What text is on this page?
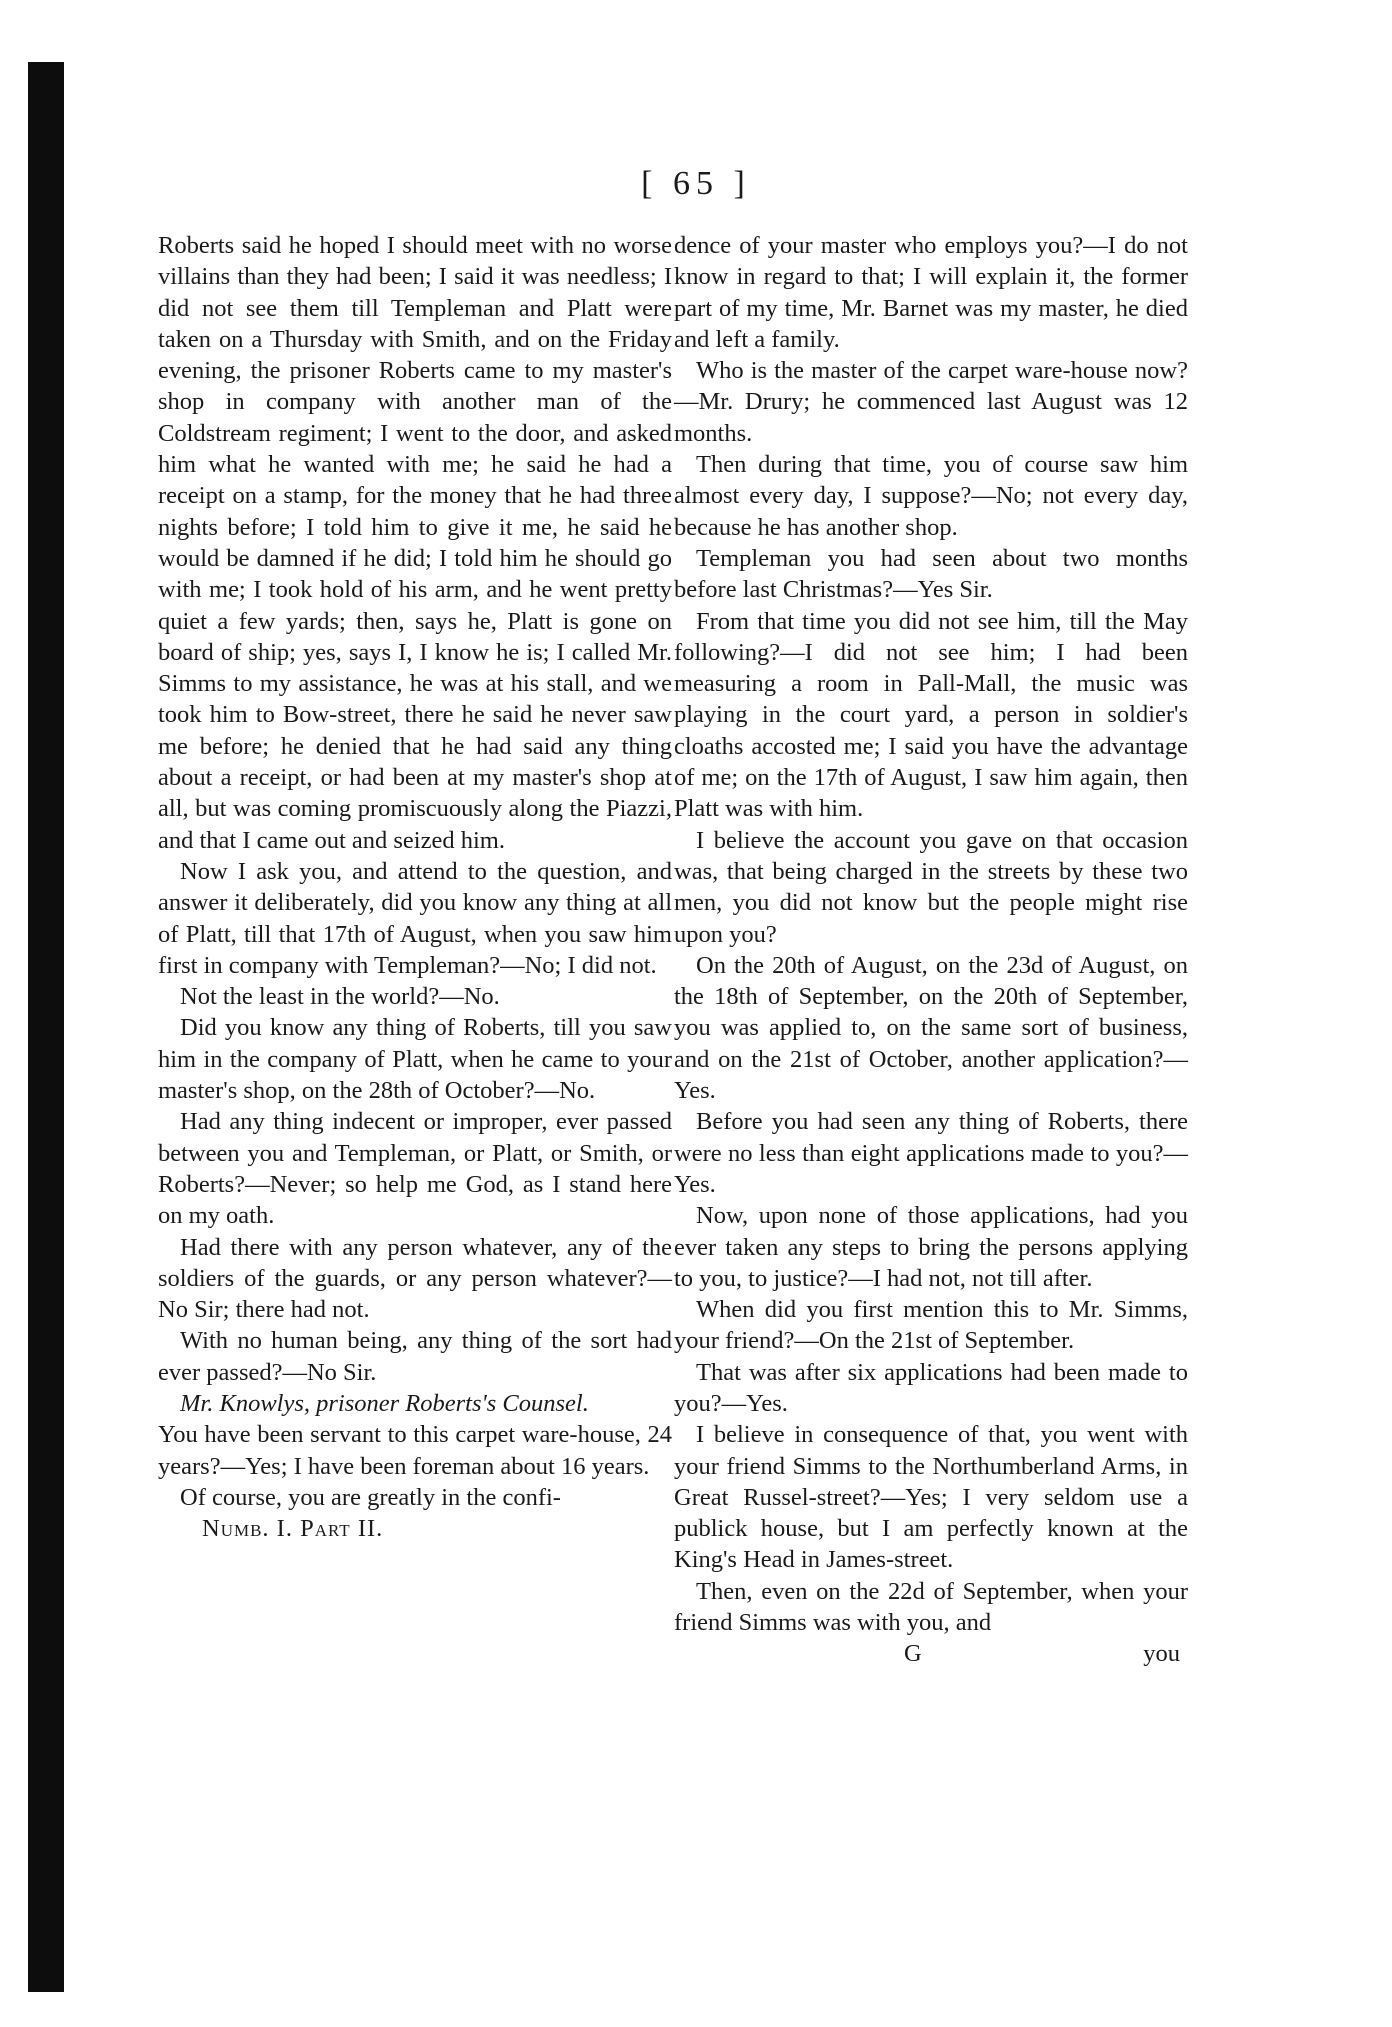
[ 65 ]

Roberts said he hoped I should meet with no worse villains than they had been; I said it was needless; I did not see them till Templeman and Platt were taken on a Thursday with Smith, and on the Friday evening, the prisoner Roberts came to my master's shop in company with another man of the Coldstream regiment; I went to the door, and asked him what he wanted with me; he said he had a receipt on a stamp, for the money that he had three nights before; I told him to give it me, he said he would be damned if he did; I told him he should go with me; I took hold of his arm, and he went pretty quiet a few yards; then, says he, Platt is gone on board of ship; yes, says I, I know he is; I called Mr. Simms to my assistance, he was at his stall, and we took him to Bow-street, there he said he never saw me before; he denied that he had said any thing about a receipt, or had been at my master's shop at all, but was coming promiscuously along the Piazzi, and that I came out and seized him.

Now I ask you, and attend to the question, and answer it deliberately, did you know any thing at all of Platt, till that 17th of August, when you saw him first in company with Templeman?—No; I did not.

Not the least in the world?—No.

Did you know any thing of Roberts, till you saw him in the company of Platt, when he came to your master's shop, on the 28th of October?—No.

Had any thing indecent or improper, ever passed between you and Templeman, or Platt, or Smith, or Roberts?—Never; so help me God, as I stand here on my oath.

Had there with any person whatever, any of the soldiers of the guards, or any person whatever?—No Sir; there had not.

With no human being, any thing of the sort had ever passed?—No Sir.

Mr. Knowlys, prisoner Roberts's Counsel.
You have been servant to this carpet ware-house, 24 years?—Yes; I have been foreman about 16 years.

Of course, you are greatly in the confi-

Numb. I. Part II.

dence of your master who employs you?—I do not know in regard to that; I will explain it, the former part of my time, Mr. Barnet was my master, he died and left a family.

Who is the master of the carpet ware-house now?—Mr. Drury; he commenced last August was 12 months.

Then during that time, you of course saw him almost every day, I suppose?—No; not every day, because he has another shop.

Templeman you had seen about two months before last Christmas?—Yes Sir.

From that time you did not see him, till the May following?—I did not see him; I had been measuring a room in Pall-Mall, the music was playing in the court yard, a person in soldier's cloaths accosted me; I said you have the advantage of me; on the 17th of August, I saw him again, then Platt was with him.

I believe the account you gave on that occasion was, that being charged in the streets by these two men, you did not know but the people might rise upon you?

On the 20th of August, on the 23d of August, on the 18th of September, on the 20th of September, you was applied to, on the same sort of business, and on the 21st of October, another application?—Yes.

Before you had seen any thing of Roberts, there were no less than eight applications made to you?—Yes.

Now, upon none of those applications, had you ever taken any steps to bring the persons applying to you, to justice?—I had not, not till after.

When did you first mention this to Mr. Simms, your friend?—On the 21st of September.

That was after six applications had been made to you?—Yes.

I believe in consequence of that, you went with your friend Simms to the Northumberland Arms, in Great Russel-street?—Yes; I very seldom use a publick house, but I am perfectly known at the King's Head in James-street.

Then, even on the 22d of September, when your friend Simms was with you, and

G	you
